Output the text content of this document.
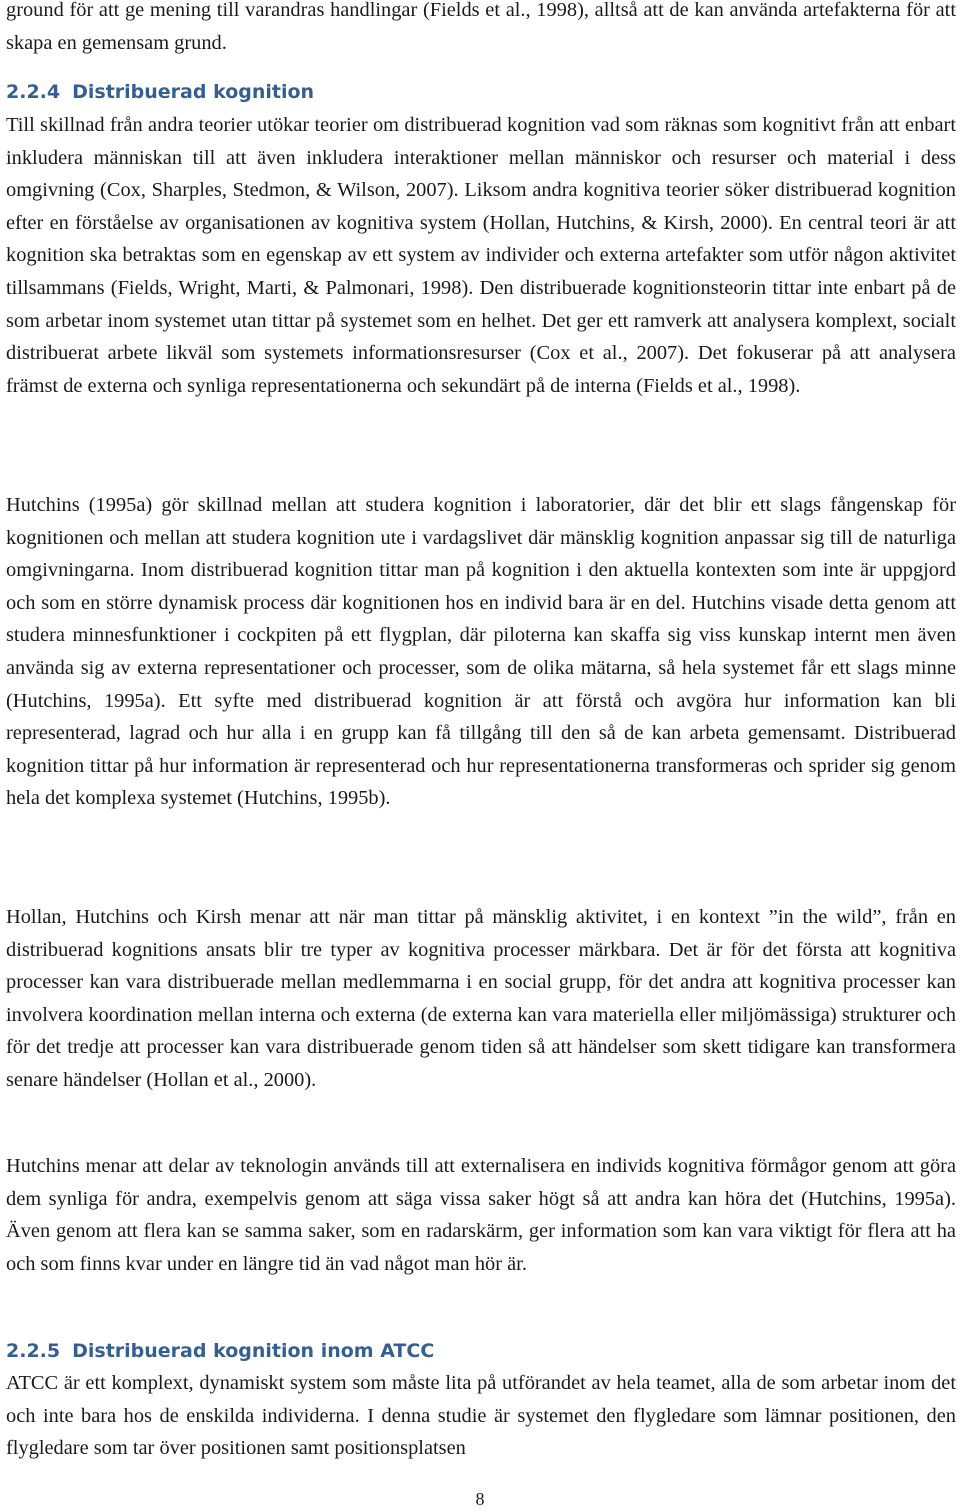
ground för att ge mening till varandras handlingar (Fields et al., 1998), alltså att de kan använda artefakterna för att skapa en gemensam grund.

2.2.4 Distribuerad kognition

Till skillnad från andra teorier utökar teorier om distribuerad kognition vad som räknas som kognitivt från att enbart inkludera människan till att även inkludera interaktioner mellan människor och resurser och material i dess omgivning (Cox, Sharples, Stedmon, & Wilson, 2007). Liksom andra kognitiva teorier söker distribuerad kognition efter en förståelse av organisationen av kognitiva system (Hollan, Hutchins, & Kirsh, 2000). En central teori är att kognition ska betraktas som en egenskap av ett system av individer och externa artefakter som utför någon aktivitet tillsammans (Fields, Wright, Marti, & Palmonari, 1998). Den distribuerade kognitionsteorin tittar inte enbart på de som arbetar inom systemet utan tittar på systemet som en helhet. Det ger ett ramverk att analysera komplext, socialt distribuerat arbete likväl som systemets informationsresurser (Cox et al., 2007). Det fokuserar på att analysera främst de externa och synliga representationerna och sekundärt på de interna (Fields et al., 1998).

Hutchins (1995a) gör skillnad mellan att studera kognition i laboratorier, där det blir ett slags fångenskap för kognitionen och mellan att studera kognition ute i vardagslivet där mänsklig kognition anpassar sig till de naturliga omgivningarna. Inom distribuerad kognition tittar man på kognition i den aktuella kontexten som inte är uppgjord och som en större dynamisk process där kognitionen hos en individ bara är en del. Hutchins visade detta genom att studera minnesfunktioner i cockpiten på ett flygplan, där piloterna kan skaffa sig viss kunskap internt men även använda sig av externa representationer och processer, som de olika mätarna, så hela systemet får ett slags minne (Hutchins, 1995a). Ett syfte med distribuerad kognition är att förstå och avgöra hur information kan bli representerad, lagrad och hur alla i en grupp kan få tillgång till den så de kan arbeta gemensamt. Distribuerad kognition tittar på hur information är representerad och hur representationerna transformeras och sprider sig genom hela det komplexa systemet (Hutchins, 1995b).

Hollan, Hutchins och Kirsh menar att när man tittar på mänsklig aktivitet, i en kontext ”in the wild”, från en distribuerad kognitions ansats blir tre typer av kognitiva processer märkbara. Det är för det första att kognitiva processer kan vara distribuerade mellan medlemmarna i en social grupp, för det andra att kognitiva processer kan involvera koordination mellan interna och externa (de externa kan vara materiella eller miljömässiga) strukturer och för det tredje att processer kan vara distribuerade genom tiden så att händelser som skett tidigare kan transformera senare händelser (Hollan et al., 2000).

Hutchins menar att delar av teknologin används till att externalisera en individs kognitiva förmågor genom att göra dem synliga för andra, exempelvis genom att säga vissa saker högt så att andra kan höra det (Hutchins, 1995a). Även genom att flera kan se samma saker, som en radarskärm, ger information som kan vara viktigt för flera att ha och som finns kvar under en längre tid än vad något man hör är.

2.2.5 Distribuerad kognition inom ATCC

ATCC är ett komplext, dynamiskt system som måste lita på utförandet av hela teamet, alla de som arbetar inom det och inte bara hos de enskilda individerna. I denna studie är systemet den flygledare som lämnar positionen, den flygledare som tar över positionen samt positionsplatsen

8
